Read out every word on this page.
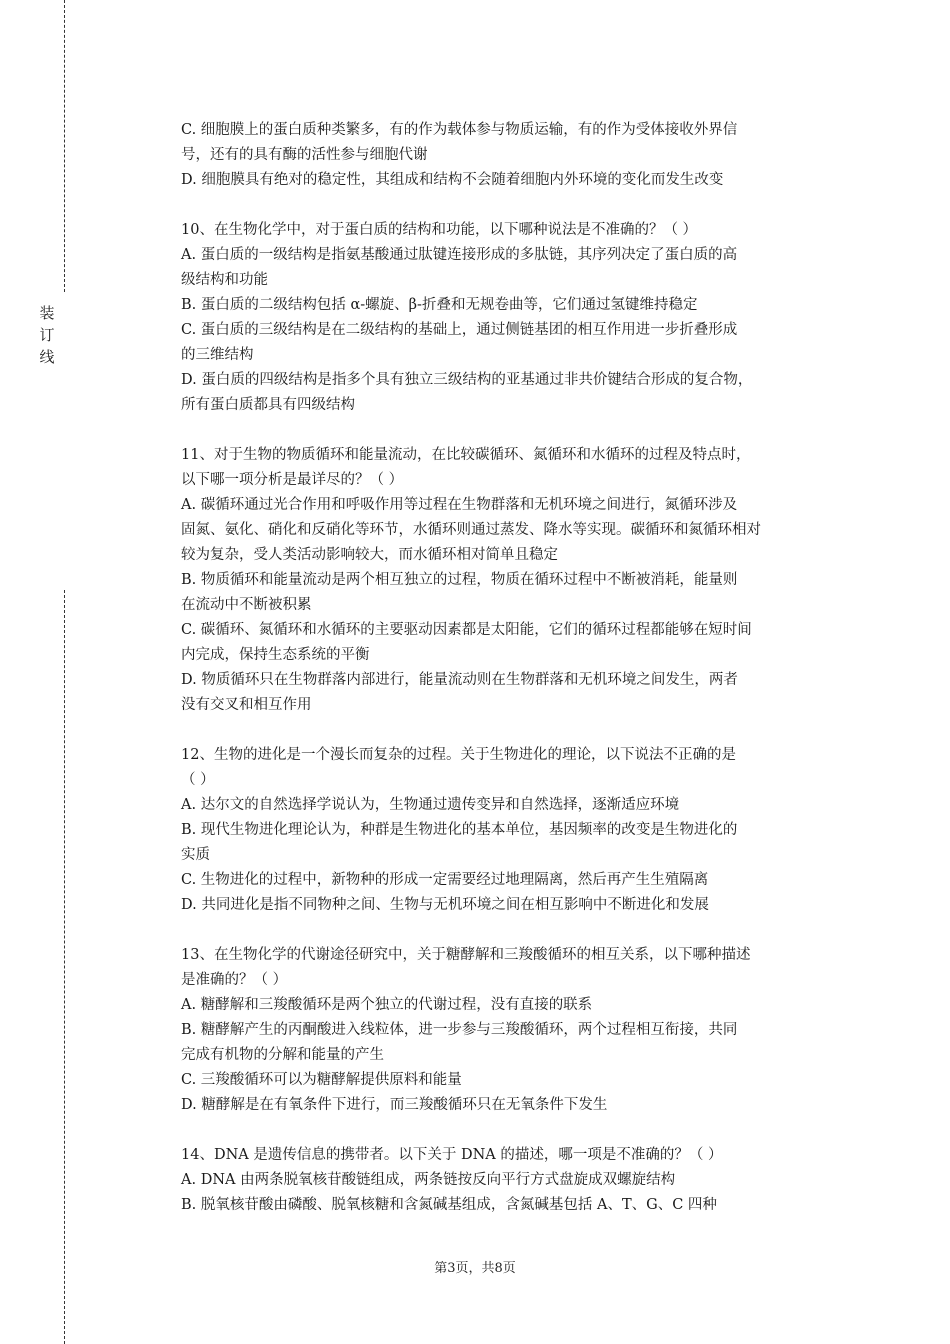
装订线
C. 细胞膜上的蛋白质种类繁多，有的作为载体参与物质运输，有的作为受体接收外界信
号，还有的具有酶的活性参与细胞代谢
D. 细胞膜具有绝对的稳定性，其组成和结构不会随着细胞内外环境的变化而发生改变
10、在生物化学中，对于蛋白质的结构和功能，以下哪种说法是不准确的？（ ）
A. 蛋白质的一级结构是指氨基酸通过肽键连接形成的多肽链，其序列决定了蛋白质的高
级结构和功能
B. 蛋白质的二级结构包括 α-螺旋、β-折叠和无规卷曲等，它们通过氢键维持稳定
C. 蛋白质的三级结构是在二级结构的基础上，通过侧链基团的相互作用进一步折叠形成
的三维结构
D. 蛋白质的四级结构是指多个具有独立三级结构的亚基通过非共价键结合形成的复合物，
所有蛋白质都具有四级结构
11、对于生物的物质循环和能量流动，在比较碳循环、氮循环和水循环的过程及特点时，
以下哪一项分析是最详尽的？（ ）
A. 碳循环通过光合作用和呼吸作用等过程在生物群落和无机环境之间进行，氮循环涉及
固氮、氨化、硝化和反硝化等环节，水循环则通过蒸发、降水等实现。碳循环和氮循环相对
较为复杂，受人类活动影响较大，而水循环相对简单且稳定
B. 物质循环和能量流动是两个相互独立的过程，物质在循环过程中不断被消耗，能量则
在流动中不断被积累
C. 碳循环、氮循环和水循环的主要驱动因素都是太阳能，它们的循环过程都能够在短时间
内完成，保持生态系统的平衡
D. 物质循环只在生物群落内部进行，能量流动则在生物群落和无机环境之间发生，两者
没有交叉和相互作用
12、生物的进化是一个漫长而复杂的过程。关于生物进化的理论，以下说法不正确的是
（ ）
A. 达尔文的自然选择学说认为，生物通过遗传变异和自然选择，逐渐适应环境
B. 现代生物进化理论认为，种群是生物进化的基本单位，基因频率的改变是生物进化的
实质
C. 生物进化的过程中，新物种的形成一定需要经过地理隔离，然后再产生生殖隔离
D. 共同进化是指不同物种之间、生物与无机环境之间在相互影响中不断进化和发展
13、在生物化学的代谢途径研究中，关于糖酵解和三羧酸循环的相互关系，以下哪种描述
是准确的？（ ）
A. 糖酵解和三羧酸循环是两个独立的代谢过程，没有直接的联系
B. 糖酵解产生的丙酮酸进入线粒体，进一步参与三羧酸循环，两个过程相互衔接，共同
完成有机物的分解和能量的产生
C. 三羧酸循环可以为糖酵解提供原料和能量
D. 糖酵解是在有氧条件下进行，而三羧酸循环只在无氧条件下发生
14、DNA 是遗传信息的携带者。以下关于 DNA 的描述，哪一项是不准确的？（ ）
A. DNA 由两条脱氧核苷酸链组成，两条链按反向平行方式盘旋成双螺旋结构
B. 脱氧核苷酸由磷酸、脱氧核糖和含氮碱基组成，含氮碱基包括 A、T、G、C 四种
第3页，共8页
